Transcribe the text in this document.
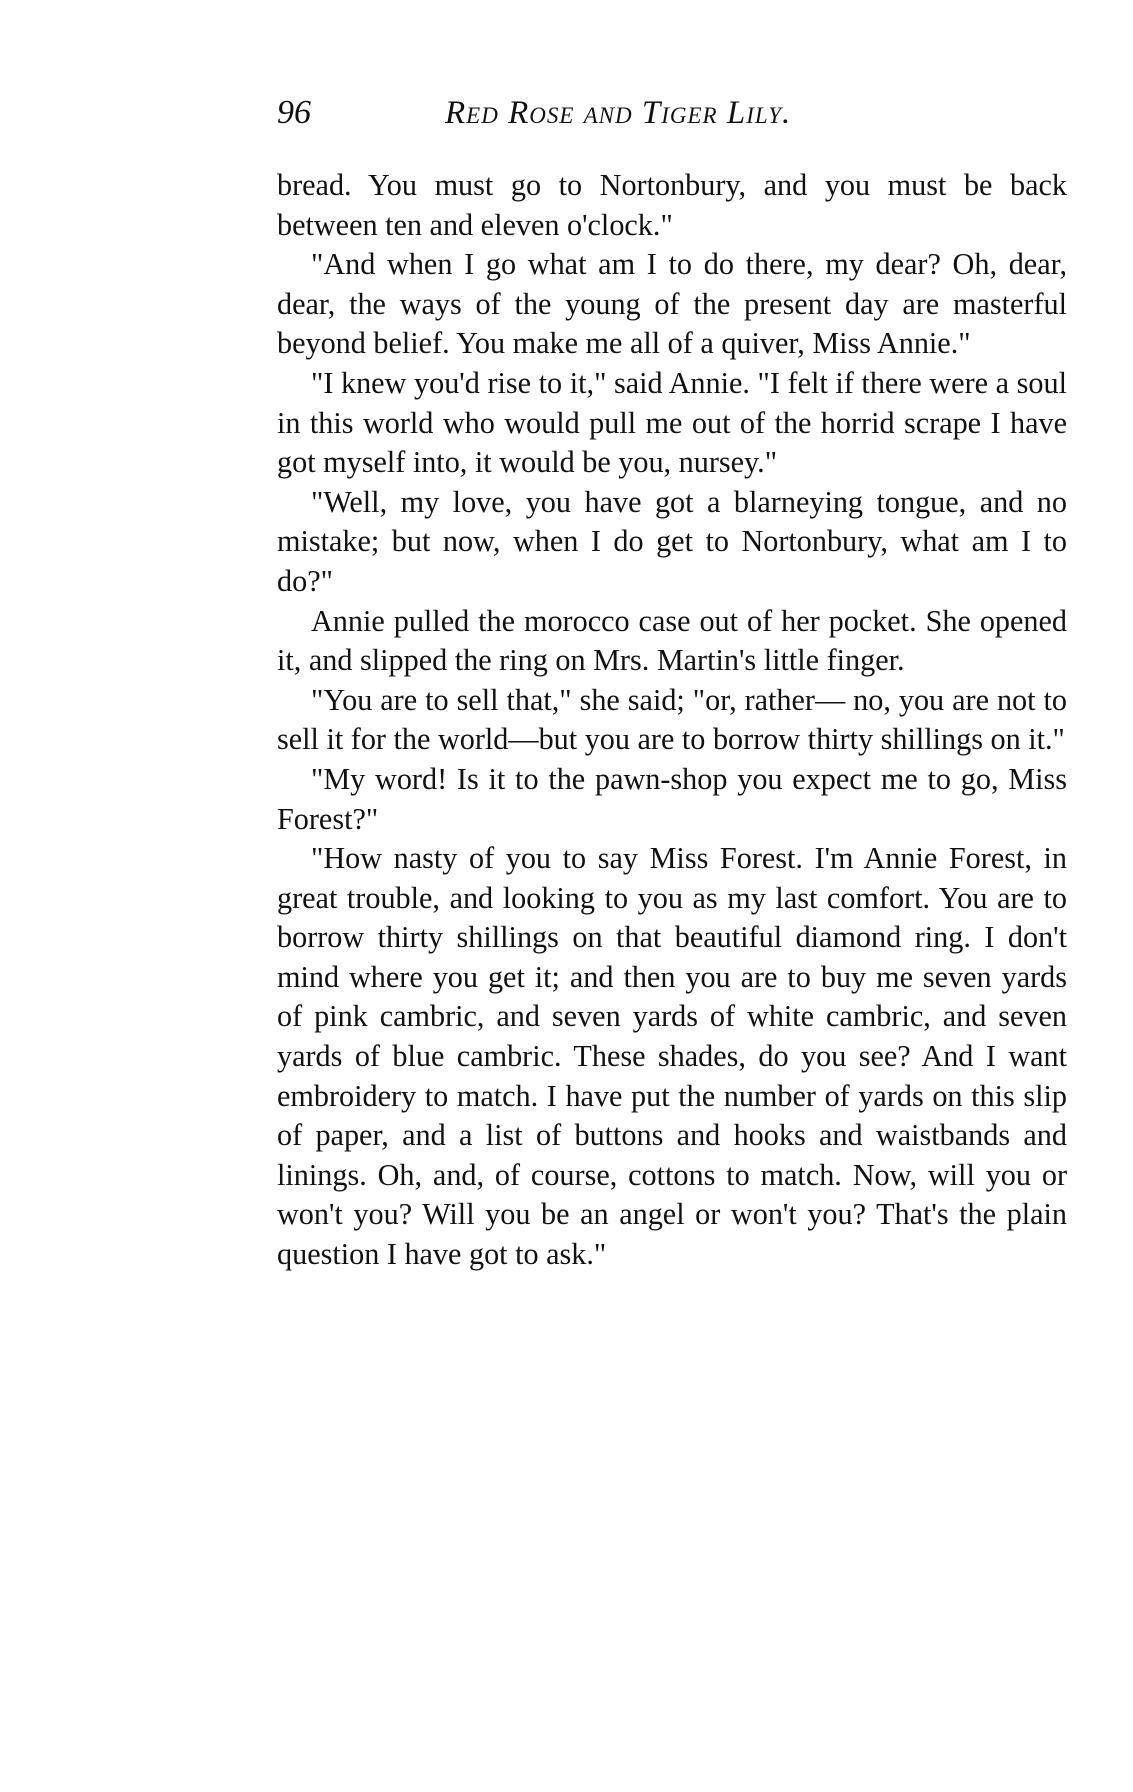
96	Red Rose and Tiger Lily.

bread. You must go to Nortonbury, and you must be back between ten and eleven o'clock."

"And when I go what am I to do there, my dear? Oh, dear, dear, the ways of the young of the present day are masterful beyond belief. You make me all of a quiver, Miss Annie."

"I knew you'd rise to it," said Annie. "I felt if there were a soul in this world who would pull me out of the horrid scrape I have got myself into, it would be you, nursey."

"Well, my love, you have got a blarneying tongue, and no mistake; but now, when I do get to Nortonbury, what am I to do?"

Annie pulled the morocco case out of her pocket. She opened it, and slipped the ring on Mrs. Martin's little finger.

"You are to sell that," she said; "or, rather— no, you are not to sell it for the world—but you are to borrow thirty shillings on it."

"My word! Is it to the pawn-shop you expect me to go, Miss Forest?"

"How nasty of you to say Miss Forest. I'm Annie Forest, in great trouble, and looking to you as my last comfort. You are to borrow thirty shillings on that beautiful diamond ring. I don't mind where you get it; and then you are to buy me seven yards of pink cambric, and seven yards of white cambric, and seven yards of blue cambric. These shades, do you see? And I want embroidery to match. I have put the number of yards on this slip of paper, and a list of buttons and hooks and waistbands and linings. Oh, and, of course, cottons to match. Now, will you or won't you? Will you be an angel or won't you? That's the plain question I have got to ask."
